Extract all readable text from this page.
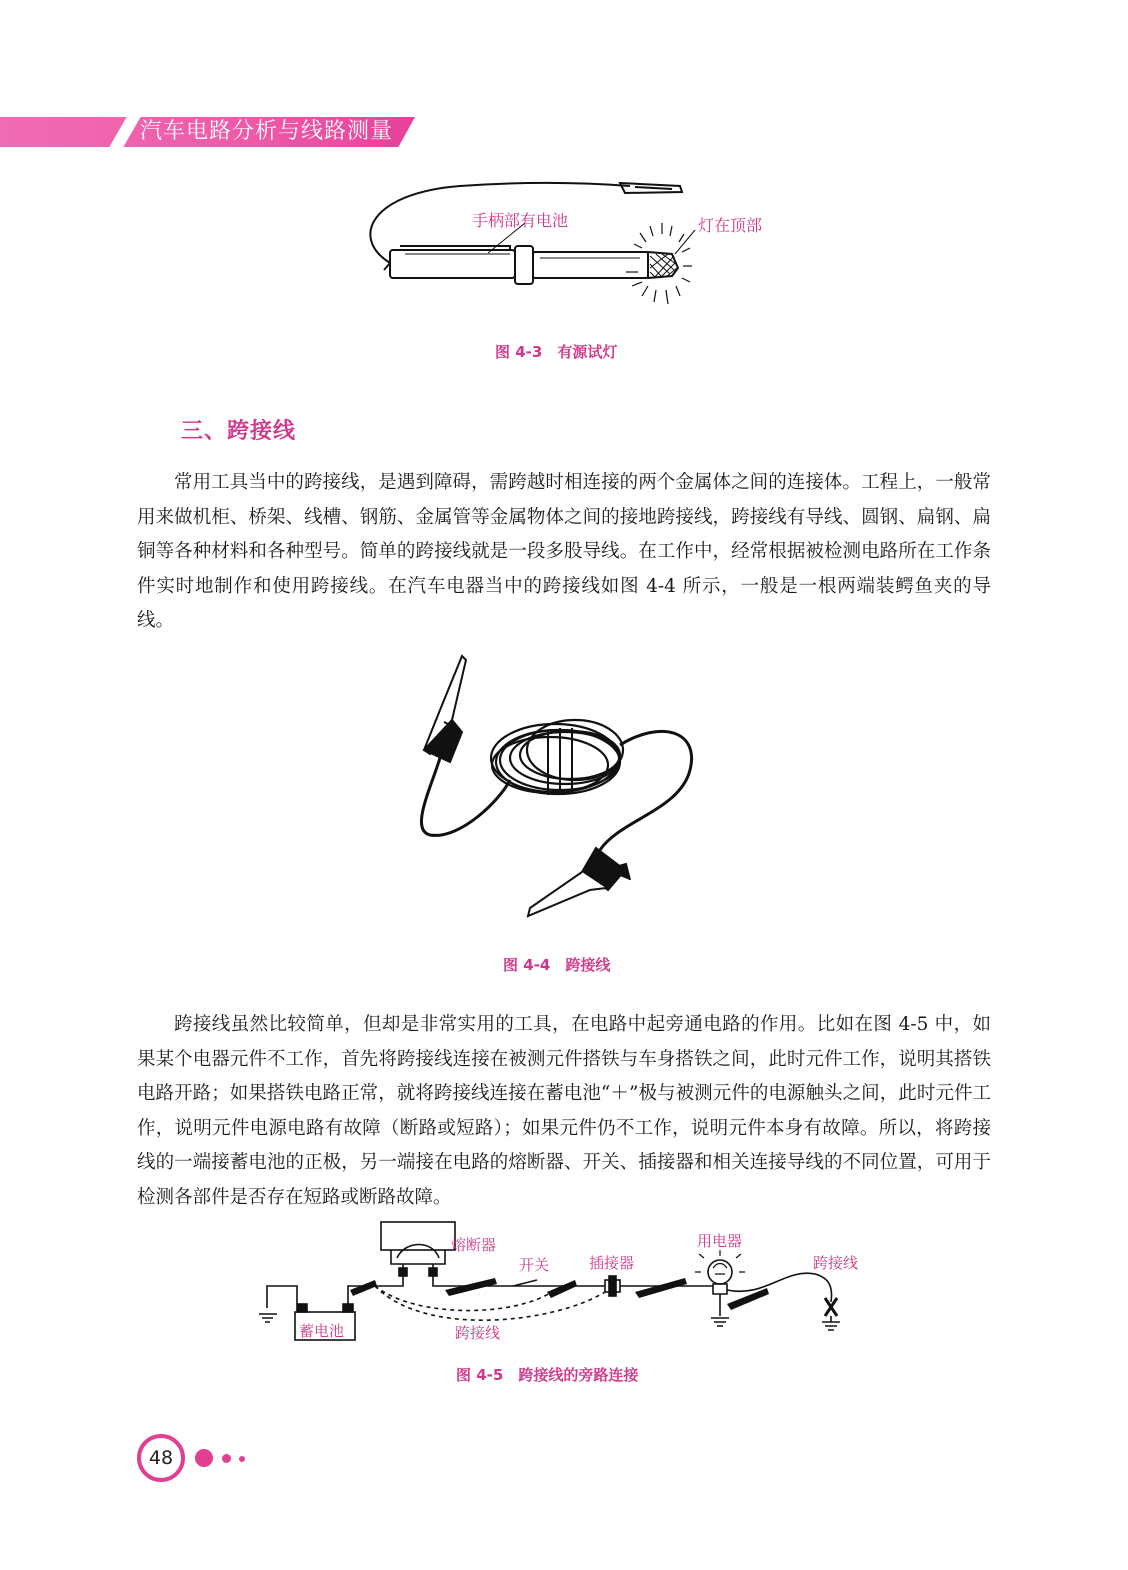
汽车电路分析与线路测量
手柄部有电池	灯在顶部
图 4-3　有源试灯
三、跨接线

常用工具当中的跨接线，是遇到障碍，需跨越时相连接的两个金属体之间的连接体。工程上，一般常用来做机柜、桥架、线槽、钢筋、金属管等金属物体之间的接地跨接线，跨接线有导线、圆钢、扁钢、扁铜等各种材料和各种型号。简单的跨接线就是一段多股导线。在工作中，经常根据被检测电路所在工作条件实时地制作和使用跨接线。在汽车电器当中的跨接线如图 4-4 所示，一般是一根两端装鳄鱼夹的导线。

图 4-4　跨接线

跨接线虽然比较简单，但却是非常实用的工具，在电路中起旁通电路的作用。比如在图 4-5 中，如果某个电器元件不工作，首先将跨接线连接在被测元件搭铁与车身搭铁之间，此时元件工作，说明其搭铁电路开路；如果搭铁电路正常，就将跨接线连接在蓄电池“＋”极与被测元件的电源触头之间，此时元件工作，说明元件电源电路有故障（断路或短路）；如果元件仍不工作，说明元件本身有故障。所以，将跨接线的一端接蓄电池的正极，另一端接在电路的熔断器、开关、插接器和相关连接导线的不同位置，可用于检测各部件是否存在短路或断路故障。

−	+
蓄电池
熔断器
开关	插接器
用电器
跨接线
跨接线
图 4-5　跨接线的旁路连接
48
